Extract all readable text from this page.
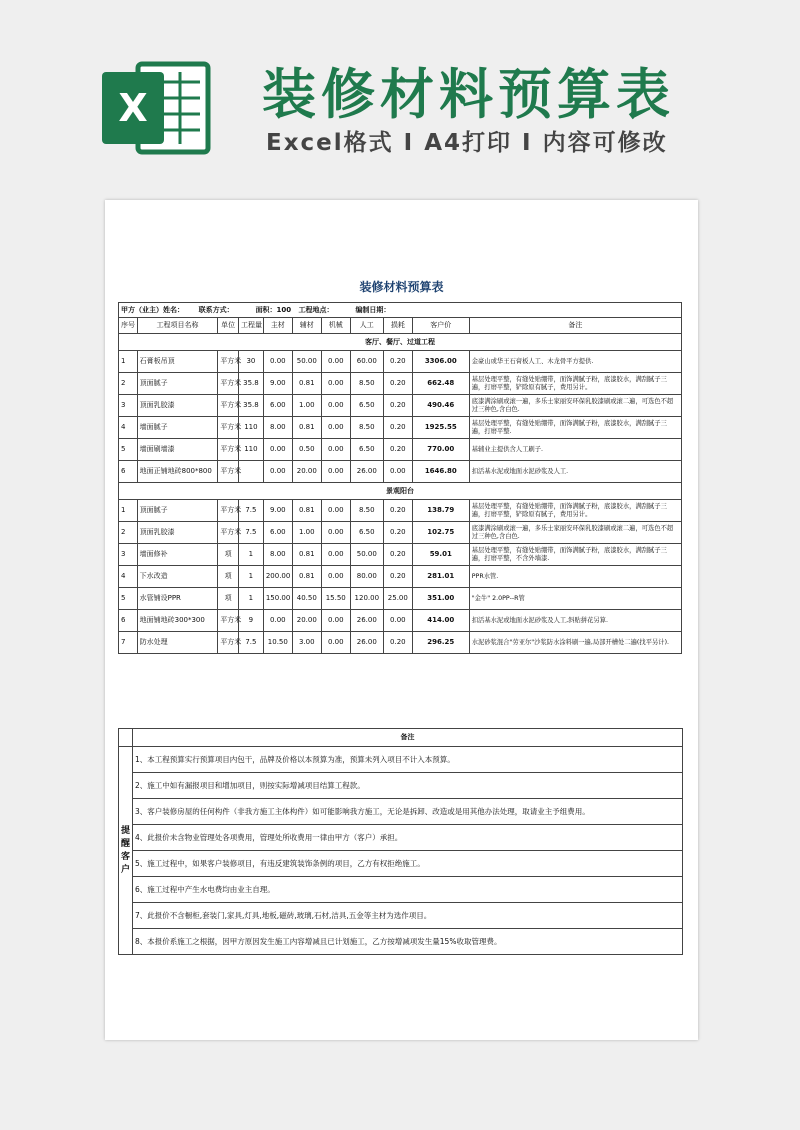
X 装修材料预算表
Excel格式 I A4打印 I 内容可修改
装修材料预算表
甲方（业主）姓名： 联系方式： 面积：100 工程地点： 编制日期：										
序号	工程项目名称	单位	工程量	主材	辅材	机械	人工	损耗	客户价	备注
客厅、餐厅、过道工程										
1	石膏板吊顶	平方米	30	0.00	50.00	0.00	60.00	0.20	3306.00	金豪山或华王石膏板人工、木龙骨平方提供.
2	顶面腻子	平方米	35.8	9.00	0.81	0.00	8.50	0.20	662.48	基层处理平整，有缝处贴绷带，面饰满腻子粉，底漆胶水，满刮腻子三遍，打磨平整，铲除原有腻子，费用另计。
3	顶面乳胶漆	平方米	35.8	6.00	1.00	0.00	6.50	0.20	490.46	底漆满涂刷或滚一遍，多乐士家丽安环保乳胶漆刷或滚二遍，可选色不超过三种色,含白色.
4	墙面腻子	平方米	110	8.00	0.81	0.00	8.50	0.20	1925.55	基层处理平整，有缝处贴绷带，面饰满腻子粉，底漆胶水，满刮腻子三遍，打磨平整.
5	墙面刷墙漆	平方米	110	0.00	0.50	0.00	6.50	0.20	770.00	基辅业主提供含人工刷子.
6	地面正铺地砖800*800	平方米		0.00	20.00	0.00	26.00	0.00	1646.80	扣活基水泥或地面水泥砂浆及人工.
景观阳台										
1	顶面腻子	平方米	7.5	9.00	0.81	0.00	8.50	0.20	138.79	基层处理平整，有缝处贴绷带，面饰满腻子粉，底漆胶水，满刮腻子三遍，打磨平整，铲除原有腻子，费用另计。
2	顶面乳胶漆	平方米	7.5	6.00	1.00	0.00	6.50	0.20	102.75	底漆满涂刷或滚一遍，多乐士家丽安环保乳胶漆刷或滚二遍，可选色不超过三种色,含白色.
3	墙面修补	项	1	8.00	0.81	0.00	50.00	0.20	59.01	基层处理平整，有缝处贴绷带，面饰满腻子粉，底漆胶水，满刮腻子三遍，打磨平整，不含外墙漆.
4	下水改造	项	1	200.00	0.81	0.00	80.00	0.20	281.01	PPR水管.
5	水管铺设PPR	项	1	150.00	40.50	15.50	120.00	25.00	351.00	"金牛" 2.0PP--R管
6	地面铺地砖300*300	平方米	9	0.00	20.00	0.00	26.00	0.00	414.00	扣活基水泥或地面水泥砂浆及人工,斜贴拼花另算.
7	防水处理	平方米	7.5	10.50	3.00	0.00	26.00	0.20	296.25	水泥砂浆混合"劳亚尔"沙浆防水涂料刷一遍,局部开槽处二遍(找平另计).
	备注
提醒客户	1、本工程预算实行预算项目内包干，品牌及价格以本预算为准，预算未列入项目不计入本预算。
	2、施工中如有漏报项目和增加项目，则按实际增减项目结算工程款。
	3、客户装修房屋的任何构件（非我方施工主体构件）如可能影响我方施工，无论是拆卸、改造或是用其他办法处理，取请业主予组费用。
	4、此报价未含物业管理处各项费用，管理处所收费用一律由甲方（客户）承担。
	5、施工过程中，如果客户装修项目，有违反建筑装饰条例的项目，乙方有权拒绝施工。
	6、施工过程中产生水电费均由业主自理。
	7、此报价不含橱柜,套装门,家具,灯具,地板,磁砖,玻璃,石材,洁具,五金等主材为选作项目。
	8、本报价系施工之根据，因甲方原因发生施工内容增减且已计划施工，乙方按增减项发生量15%收取管理费。
